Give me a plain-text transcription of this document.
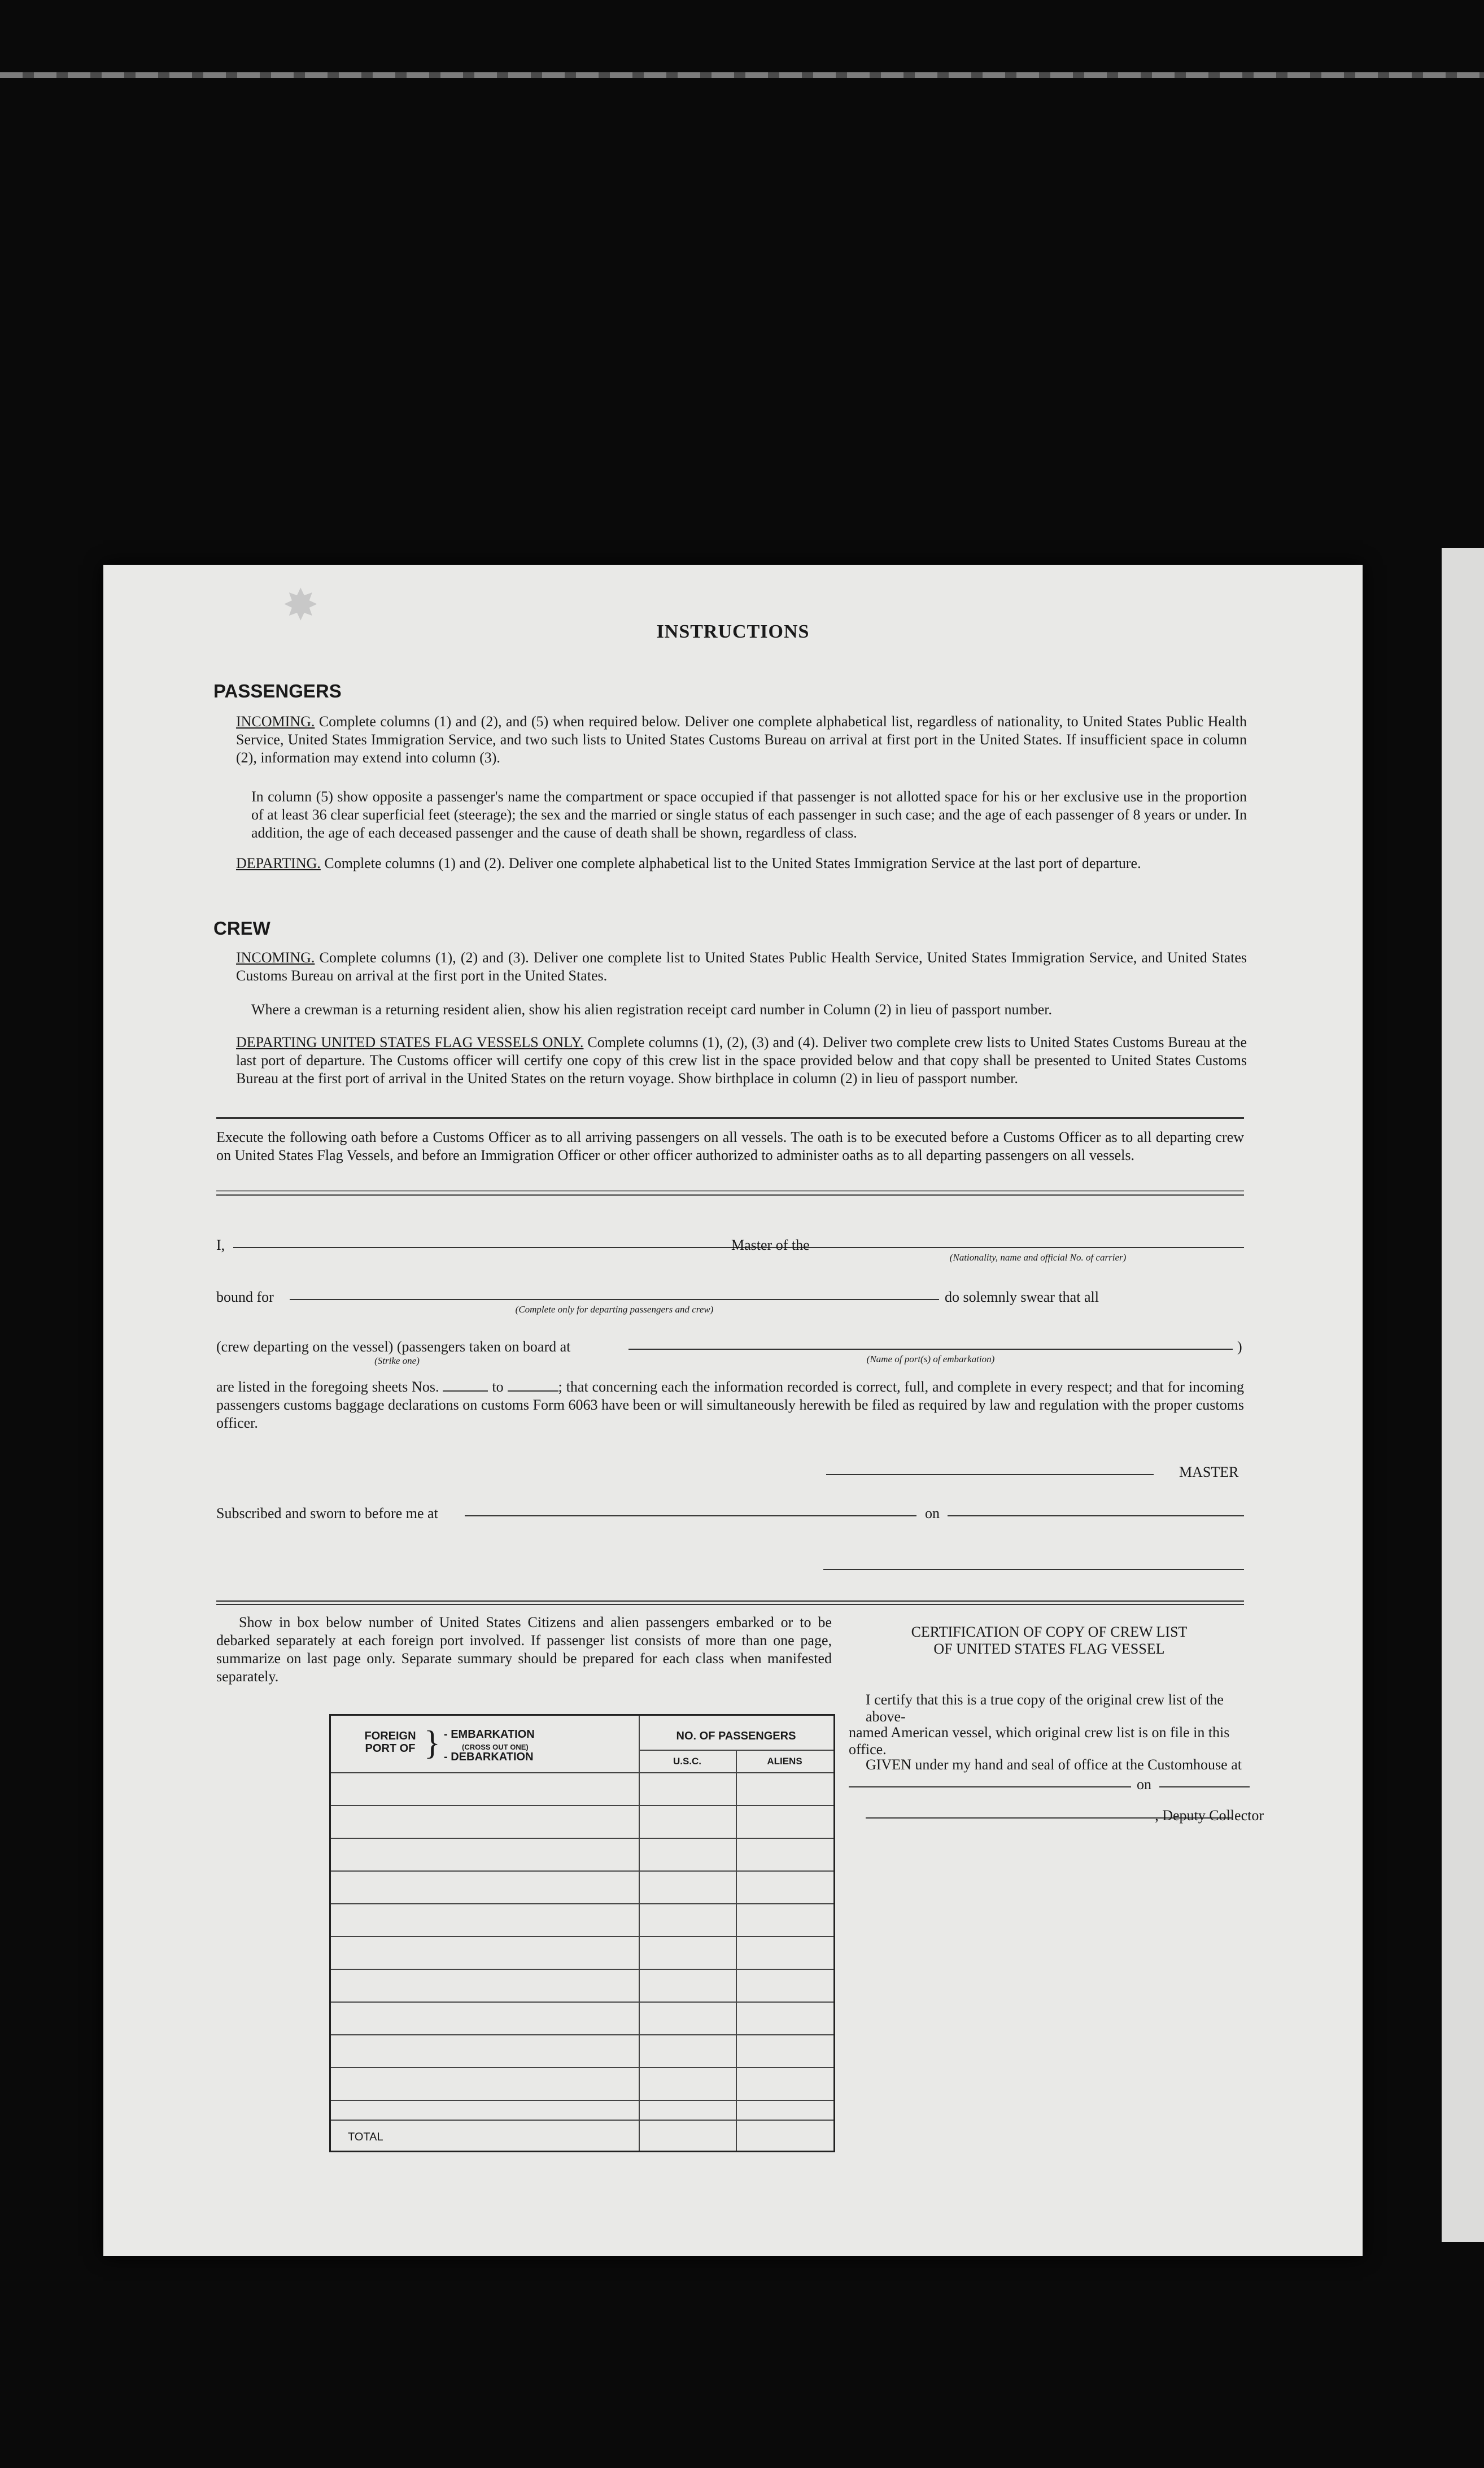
✸
INSTRUCTIONS
PASSENGERS
INCOMING. Complete columns (1) and (2), and (5) when required below. Deliver one complete alphabetical list, regardless of nationality, to United States Public Health Service, United States Immigration Service, and two such lists to United States Customs Bureau on arrival at first port in the United States. If insufficient space in column (2), information may extend into column (3).
In column (5) show opposite a passenger's name the compartment or space occupied if that passenger is not allotted space for his or her exclusive use in the proportion of at least 36 clear superficial feet (steerage); the sex and the married or single status of each passenger in such case; and the age of each passenger of 8 years or under. In addition, the age of each deceased passenger and the cause of death shall be shown, regardless of class.
DEPARTING. Complete columns (1) and (2). Deliver one complete alphabetical list to the United States Immigration Service at the last port of departure.
CREW
INCOMING. Complete columns (1), (2) and (3). Deliver one complete list to United States Public Health Service, United States Immigration Service, and United States Customs Bureau on arrival at the first port in the United States.
Where a crewman is a returning resident alien, show his alien registration receipt card number in Column (2) in lieu of passport number.
DEPARTING UNITED STATES FLAG VESSELS ONLY. Complete columns (1), (2), (3) and (4). Deliver two complete crew lists to United States Customs Bureau at the last port of departure. The Customs officer will certify one copy of this crew list in the space provided below and that copy shall be presented to United States Customs Bureau at the first port of arrival in the United States on the return voyage. Show birthplace in column (2) in lieu of passport number.
Execute the following oath before a Customs Officer as to all arriving passengers on all vessels. The oath is to be executed before a Customs Officer as to all departing crew on United States Flag Vessels, and before an Immigration Officer or other officer authorized to administer oaths as to all departing passengers on all vessels.
I,	Master of the
(Nationality, name and official No. of carrier)
bound for
(Complete only for departing passengers and crew)
do solemnly swear that all
(crew departing on the vessel) (passengers taken on board at
(Strike one)	(Name of port(s) of embarkation)
)
are listed in the foregoing sheets Nos.	to	; that concerning each the information recorded is correct, full, and complete in every respect; and that for incoming passengers customs baggage declarations on customs Form 6063 have been or will simultaneously herewith be filed as required by law and regulation with the proper customs officer.
MASTER
Subscribed and sworn to before me at	on
Show in box below number of United States Citizens and alien passengers embarked or to be debarked separately at each foreign port involved. If passenger list consists of more than one page, summarize on last page only. Separate summary should be prepared for each class when manifested separately.
FOREIGN PORT OF } - EMBARKATION
(CROSS OUT ONE)
- DEBARKATION
NO. OF PASSENGERS
U.S.C.	ALIENS
TOTAL
CERTIFICATION OF COPY OF CREW LIST
OF UNITED STATES FLAG VESSEL
I certify that this is a true copy of the original crew list of the above-
named American vessel, which original crew list is on file in this office.
GIVEN under my hand and seal of office at the Customhouse at
on
, Deputy Collector
